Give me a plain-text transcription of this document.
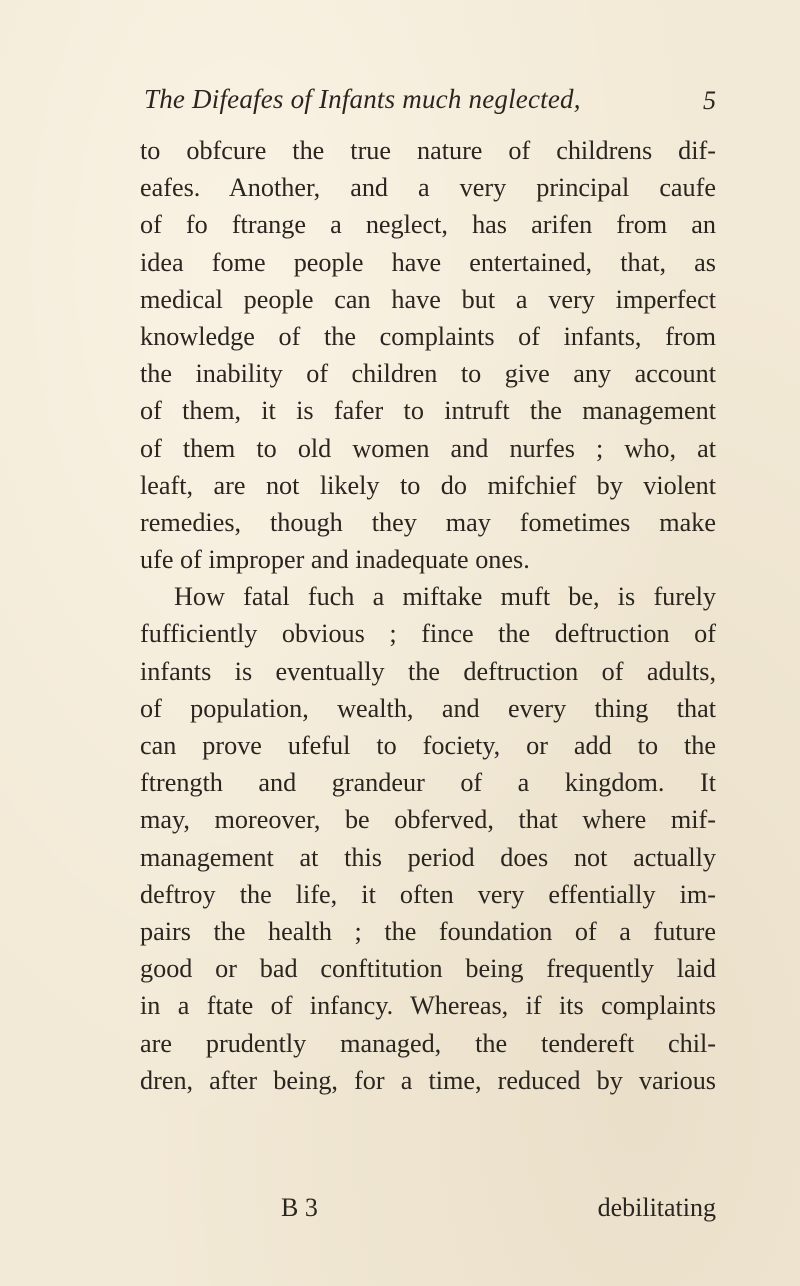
The Difeafes of Infants much neglected,	5
to obfcure the true nature of childrens dif-
eafes. Another, and a very principal caufe
of fo ftrange a neglect, has arifen from an
idea fome people have entertained, that, as
medical people can have but a very imperfect
knowledge of the complaints of infants, from
the inability of children to give any account
of them, it is fafer to intruft the management
of them to old women and nurfes ; who, at
leaft, are not likely to do mifchief by violent
remedies, though they may fometimes make
ufe of improper and inadequate ones.
How fatal fuch a miftake muft be, is furely
fufficiently obvious ; fince the deftruction of
infants is eventually the deftruction of adults,
of population, wealth, and every thing that
can prove ufeful to fociety, or add to the
ftrength and grandeur of a kingdom. It
may, moreover, be obferved, that where mif-
management at this period does not actually
deftroy the life, it often very effentially im-
pairs the health ; the foundation of a future
good or bad conftitution being frequently laid
in a ftate of infancy. Whereas, if its complaints
are prudently managed, the tendereft chil-
dren, after being, for a time, reduced by various
B 3	debilitating
